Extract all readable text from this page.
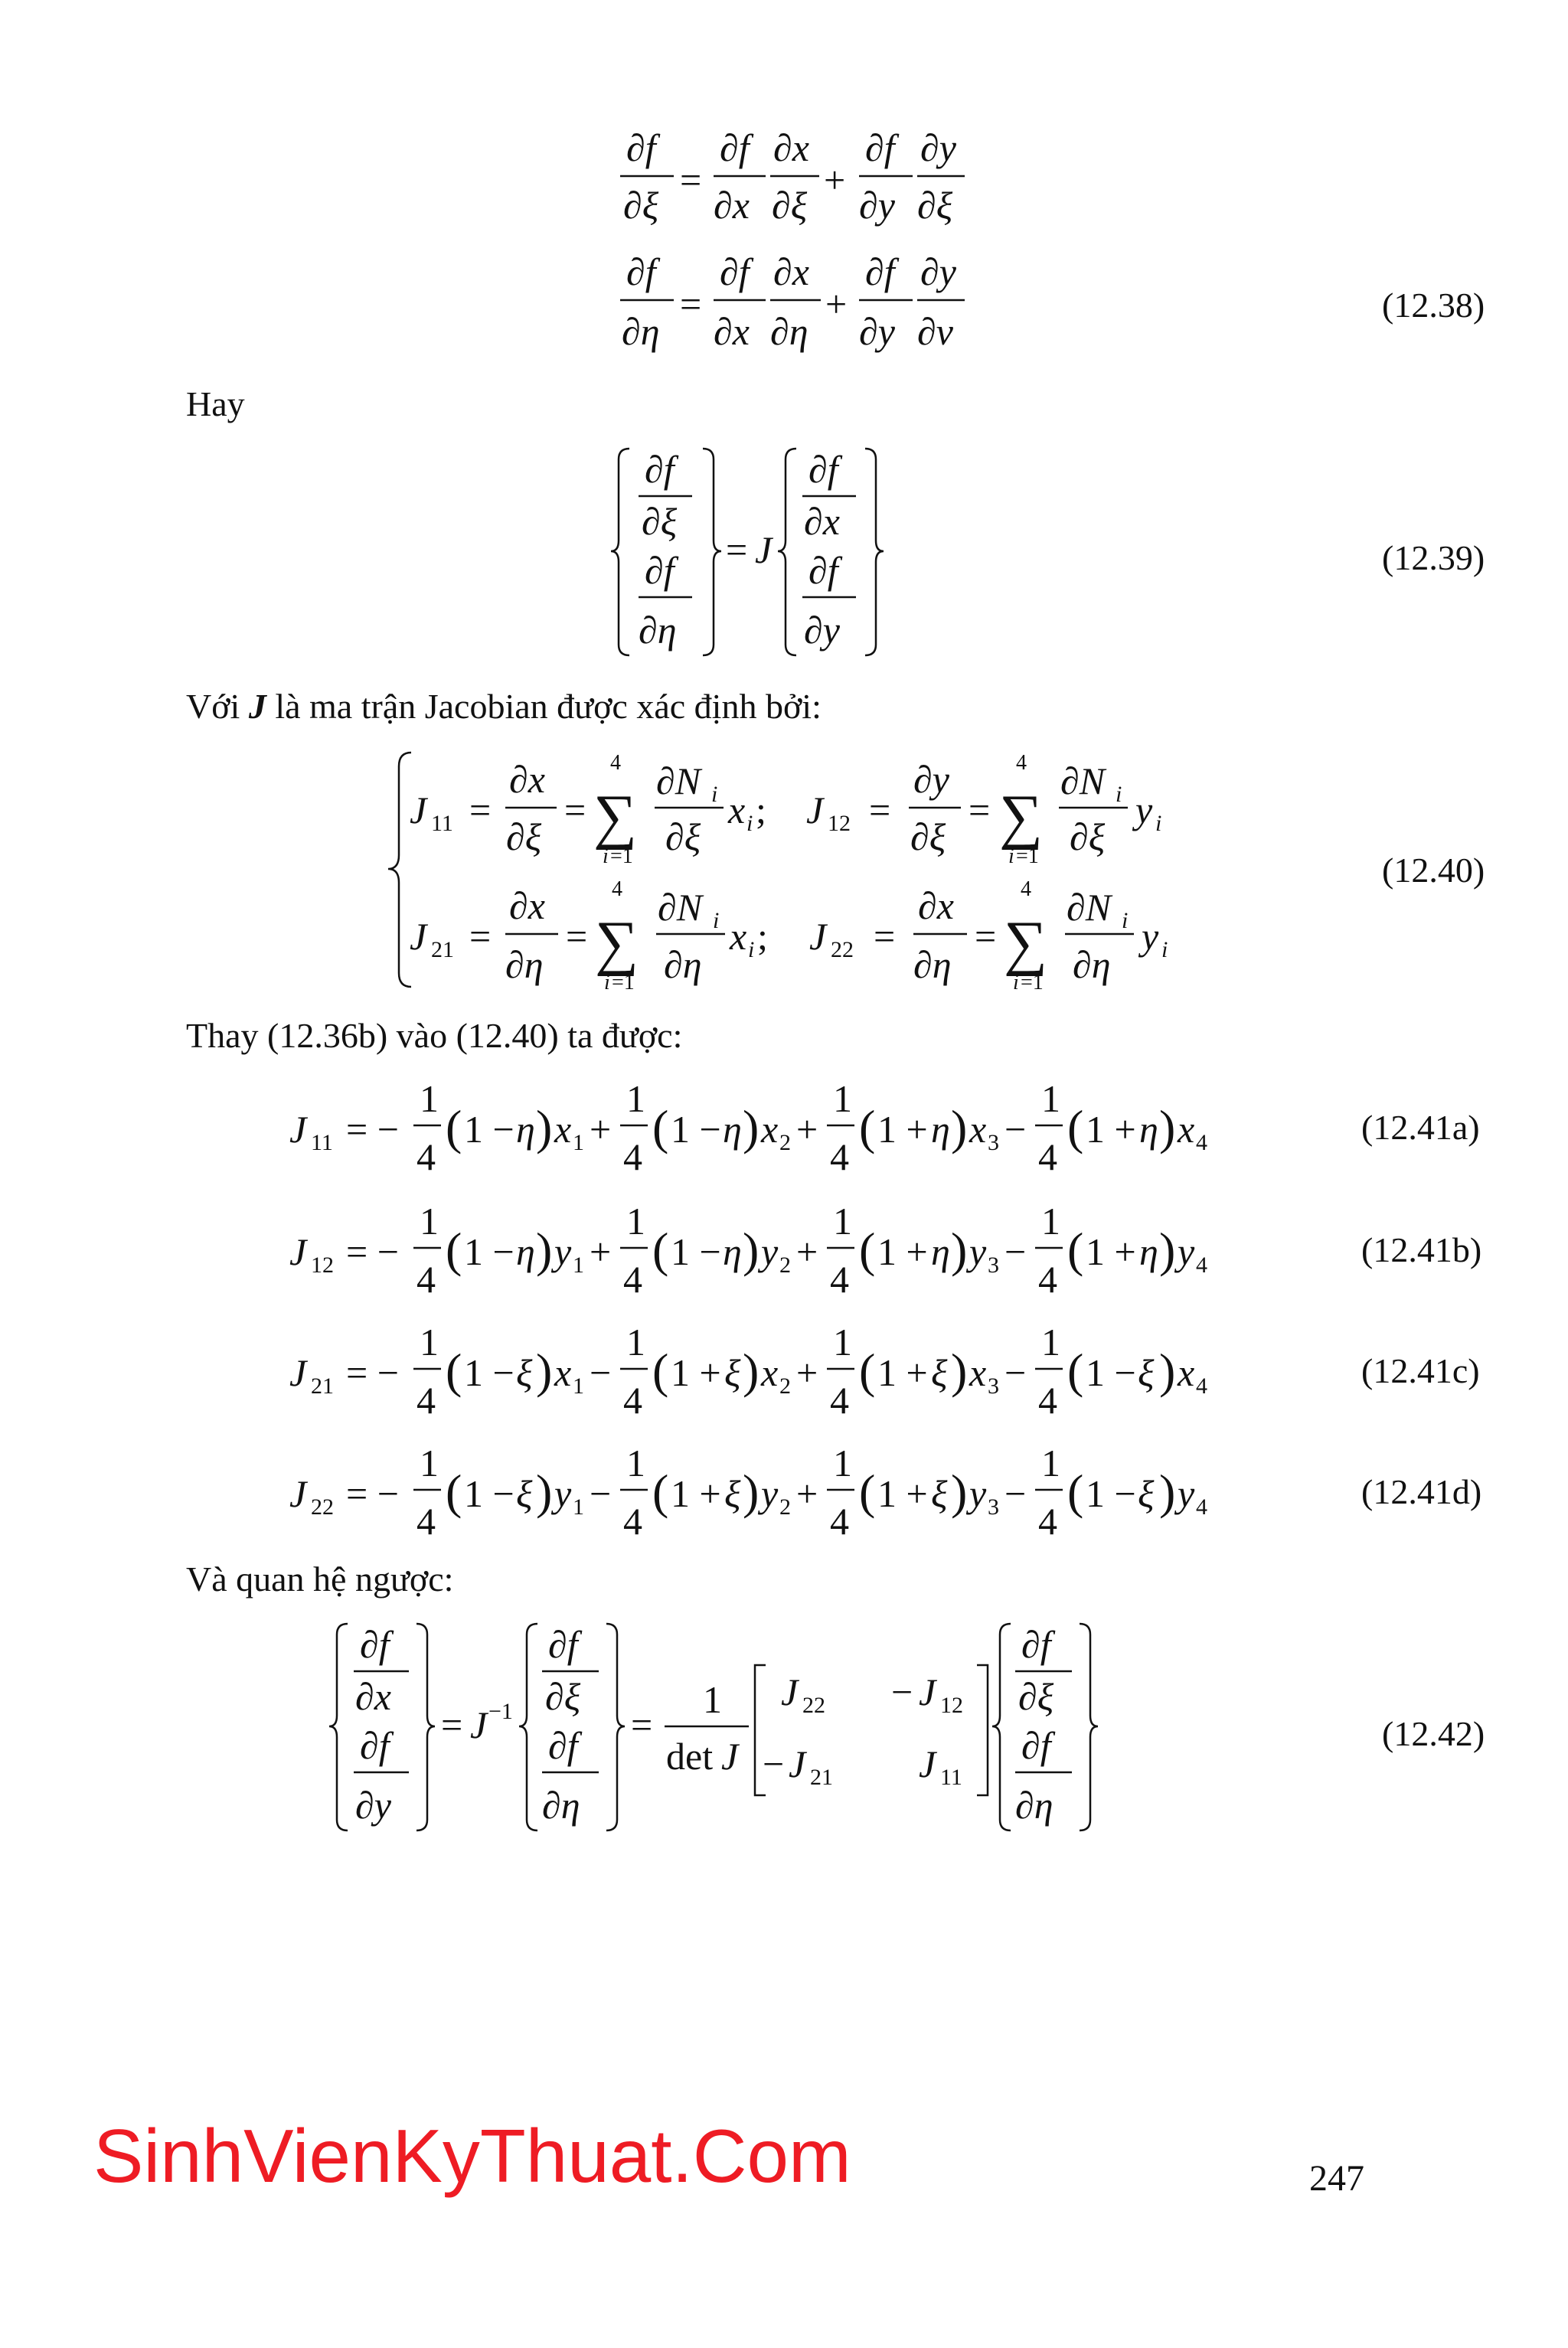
∂f
∂ξ
=
∂f
∂x
∂x
∂ξ
+
∂f
∂y
∂y
∂ξ
∂f
∂η
=
∂f
∂x
∂x
∂η
+
∂f
∂y
∂y
∂v
(12.38)
Hay
∂f
∂ξ
∂f
∂η
= J
∂f
∂x
∂f
∂y
(12.39)
Với J là ma trận Jacobian được xác định bởi:
J 11 =
∂x
∂ξ
=
4
∑
i =1
∂N i
∂ξ
x i ; J 12 =
∂y
∂ξ
=
4
∑
i =1
∂N i
∂ξ
y i
J 21 =
∂x
∂η
=
4
∑
i =1
∂N i
∂η
x i ; J 22 =
∂x
∂η
=
4
∑
i =1
∂N i
∂η
y i
(12.40)
Thay (12.36b) vào (12.40) ta được:
J 11 = −
1
4
( 1 − η ) x 1 +
1
4
( 1 − η ) x 2 +
1
4
( 1 + η ) x 3 −
1
4
( 1 + η ) x 4	(12.41a)
J 12 = −
1
4
( 1 − η ) y 1 +
1
4
( 1 − η ) y 2 +
1
4
( 1 + η ) y 3 −
1
4
( 1 + η ) y 4	(12.41b)
J 21 = −
1
4
( 1 − ξ ) x 1 −
1
4
( 1 + ξ ) x 2 +
1
4
( 1 + ξ ) x 3 −
1
4
( 1 − ξ ) x 4	(12.41c)
J 22 = −
1
4
( 1 − ξ ) y 1 −
1
4
( 1 + ξ ) y 2 +
1
4
( 1 + ξ ) y 3 −
1
4
( 1 − ξ ) y 4	(12.41d)
Và quan hệ ngược:
∂f
∂x
∂f
∂y
= J −1
∂f
∂ξ
∂f
∂η
=
1
det J
J 22 − J 12
− J 21 J 11
∂f
∂ξ
∂f
∂η
(12.42)
SinhVienKyThuat.Com	247
